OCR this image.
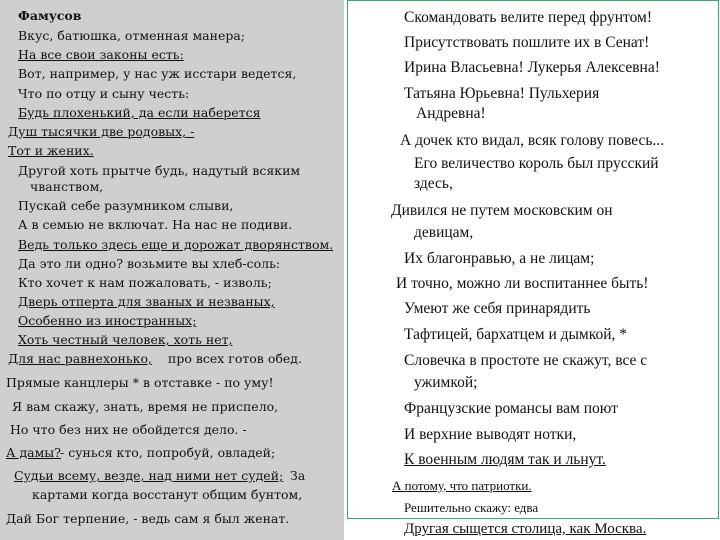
Фамусов
Вкус, батюшка, отменная манера;
На все свои законы есть:
Вот, например, у нас уж исстари ведется,
Что по отцу и сыну честь:
Будь плохенький, да если наберется
Душ тысячки две родовых, -
Тот и жених.
Другой хоть прытче будь, надутый всяким
чванством,
Пускай себе разумником слыви,
А в семью не включат. На нас не подиви.
Ведь только здесь еще и дорожат дворянством.
Да это ли одно? возьмите вы хлеб-соль:
Кто хочет к нам пожаловать, - изволь;
Дверь отперта для званых и незваных,
Особенно из иностранных;
Хоть честный человек, хоть нет,
Для нас равнехонько, про всех готов обед.
Прямые канцлеры * в отставке - по уму!
Я вам скажу, знать, время не приспело,
Но что без них не обойдется дело. -
А дамы? - сунься кто, попробуй, овладей;
Судьи всему, везде, над ними нет судей; За
картами когда восстанут общим бунтом,
Дай Бог терпение, - ведь сам я был женат.
Скомандовать велите перед фрунтом!
Присутствовать пошлите их в Сенат!
Ирина Власьевна! Лукерья Алексевна!
Татьяна Юрьевна! Пульхерия
Андревна!
А дочек кто видал, всяк голову повесь...
Его величество король был прусский
здесь,
Дивился не путем московским он
девицам,
Их благонравью, а не лицам;
И точно, можно ли воспитаннее быть!
Умеют же себя принарядить
Тафтицей, бархатцем и дымкой, *
Словечка в простоте не скажут, все с
ужимкой;
Французские романсы вам поют
И верхние выводят нотки,
К военным людям так и льнут.
А потому, что патриотки.
Решительно скажу: едва
Другая сыщется столица, как Москва.
